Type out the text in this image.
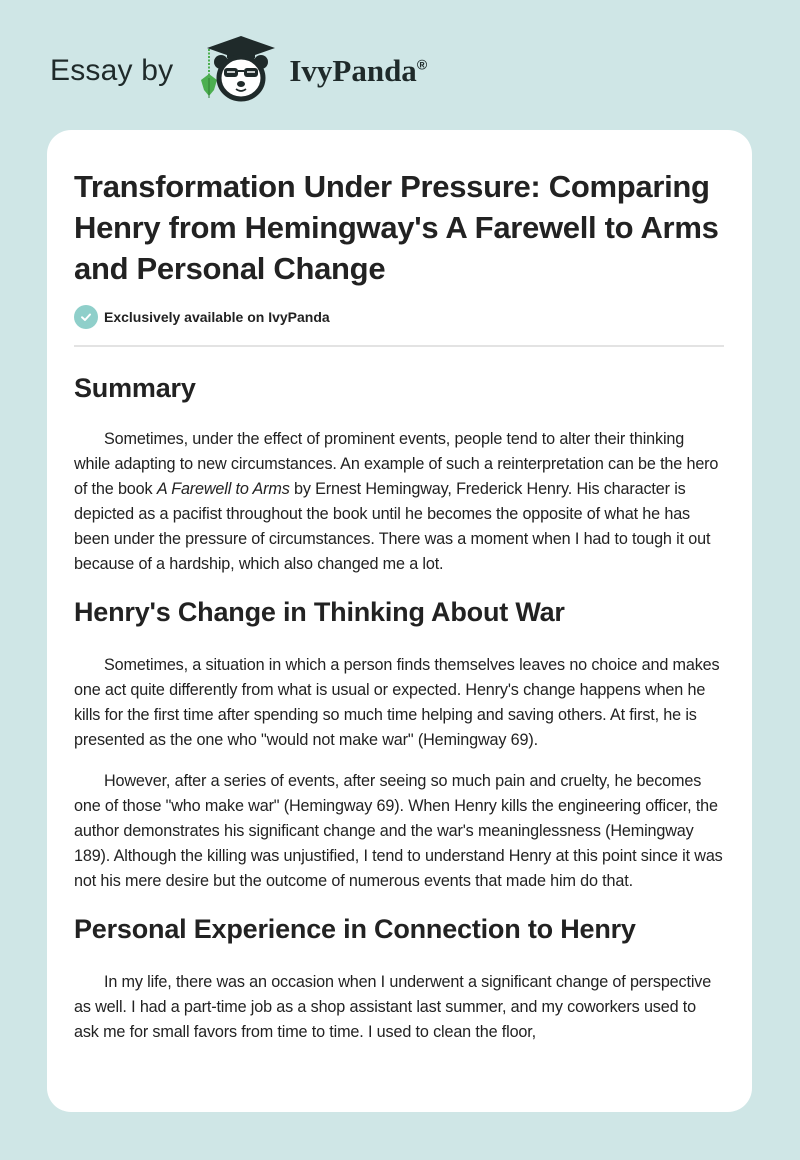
Essay by	IvyPanda®
Transformation Under Pressure: Comparing Henry from Hemingway's A Farewell to Arms and Personal Change
Exclusively available on IvyPanda
Summary

Sometimes, under the effect of prominent events, people tend to alter their thinking while adapting to new circumstances. An example of such a reinterpretation can be the hero of the book A Farewell to Arms by Ernest Hemingway, Frederick Henry. His character is depicted as a pacifist throughout the book until he becomes the opposite of what he has been under the pressure of circumstances. There was a moment when I had to tough it out because of a hardship, which also changed me a lot.

Henry's Change in Thinking About War

Sometimes, a situation in which a person finds themselves leaves no choice and makes one act quite differently from what is usual or expected. Henry's change happens when he kills for the first time after spending so much time helping and saving others. At first, he is presented as the one who "would not make war" (Hemingway 69).

However, after a series of events, after seeing so much pain and cruelty, he becomes one of those "who make war" (Hemingway 69). When Henry kills the engineering officer, the author demonstrates his significant change and the war's meaninglessness (Hemingway 189). Although the killing was unjustified, I tend to understand Henry at this point since it was not his mere desire but the outcome of numerous events that made him do that.

Personal Experience in Connection to Henry

In my life, there was an occasion when I underwent a significant change of perspective as well. I had a part-time job as a shop assistant last summer, and my coworkers used to ask me for small favors from time to time. I used to clean the floor,
